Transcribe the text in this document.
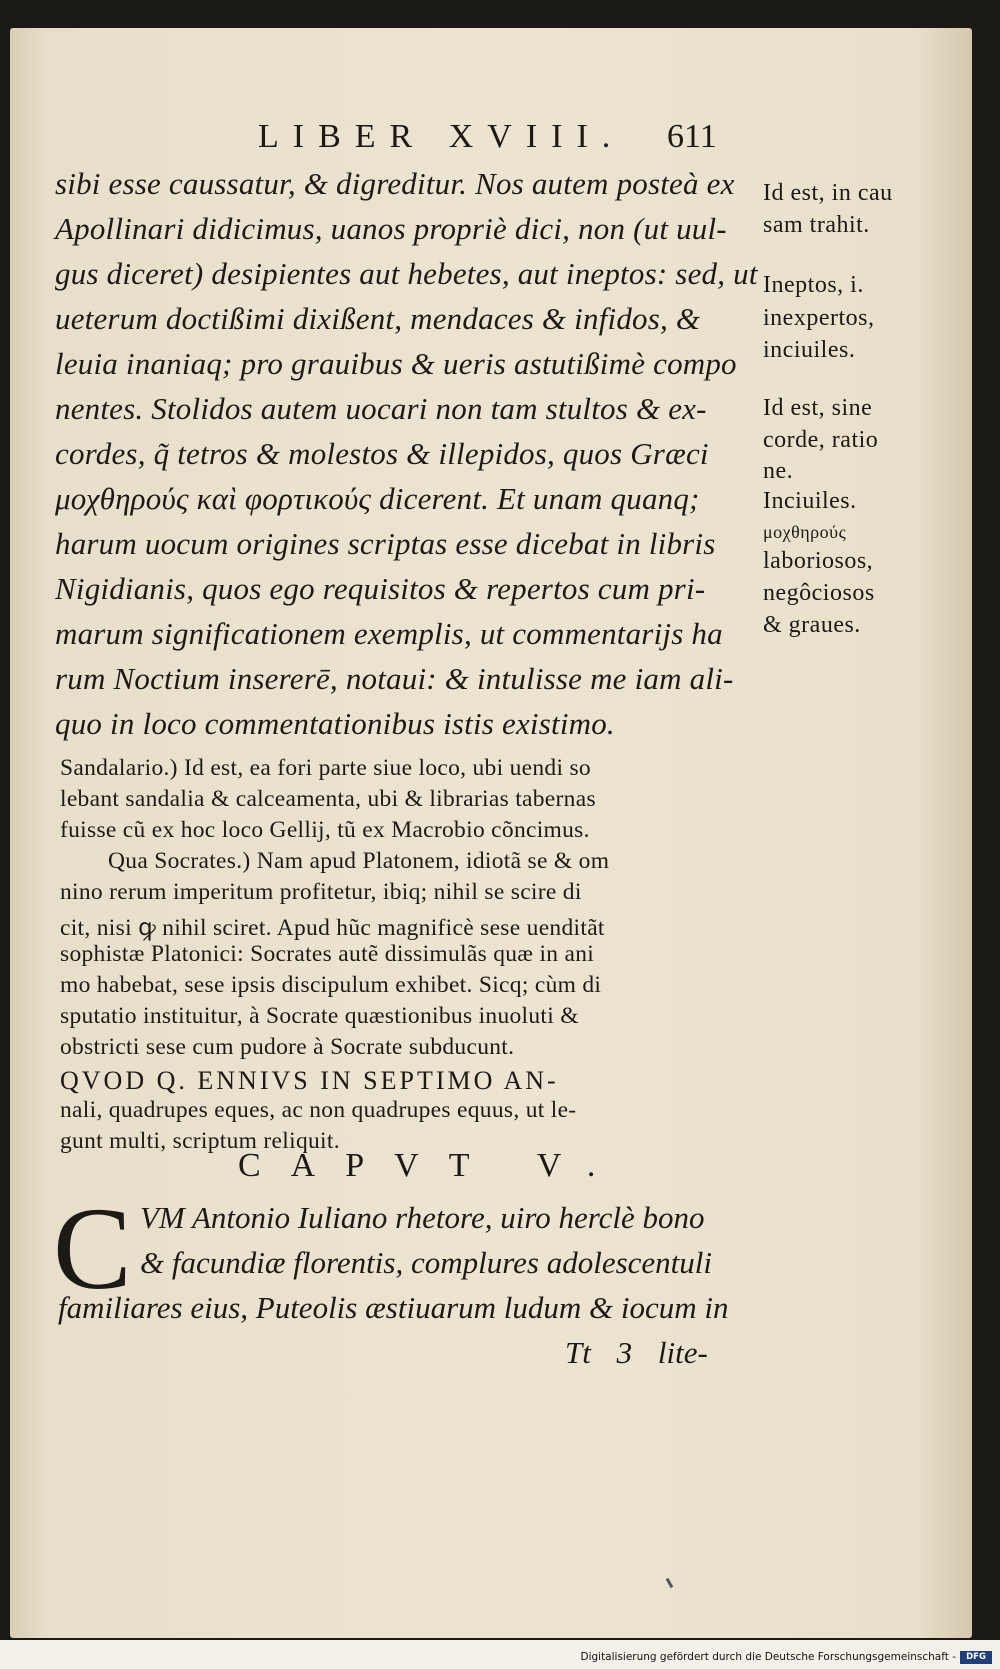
LIBER XVIII. 611
sibi esse caussatur, & digreditur. Nos autem posteà ex
Apollinari didicimus, uanos propriè dici, non (ut uul-
gus diceret) desipientes aut hebetes, aut ineptos: sed, ut
ueterum doctißimi dixißent, mendaces & infidos, &
leuia inaniaq; pro grauibus & ueris astutißimè compo
nentes. Stolidos autem uocari non tam stultos & ex-
cordes, q̃ tetros & molestos & illepidos, quos Græci
μοχθηρούς καὶ φορτικούς dicerent. Et unam quanq;
harum uocum origines scriptas esse dicebat in libris
Nigidianis, quos ego requisitos & repertos cum pri-
marum significationem exemplis, ut commentarijs ha
rum Noctium insererē, notaui: & intulisse me iam ali-
quo in loco commentationibus istis existimo.
Sandalario.) Id est, ea fori parte siue loco, ubi uendi so
lebant sandalia & calceamenta, ubi & librarias tabernas
fuisse cũ ex hoc loco Gellij, tũ ex Macrobio cõncimus.
Qua Socrates.) Nam apud Platonem, idiotã se & om
nino rerum imperitum profitetur, ibiq; nihil se scire di
cit, nisi ꝙ nihil sciret. Apud hũc magnificè sese uenditãt
sophistæ Platonici: Socrates autẽ dissimulãs quæ in ani
mo habebat, sese ipsis discipulum exhibet. Sicq; cùm di
sputatio instituitur, à Socrate quæstionibus inuoluti &
obstricti sese cum pudore à Socrate subducunt.
QVOD Q. ENNIVS IN SEPTIMO AN-
nali, quadrupes eques, ac non quadrupes equus, ut le-
gunt multi, scriptum reliquit.
CAPVT V.
C VM Antonio Iuliano rhetore, uiro herclè bono
& facundiæ florentis, complures adolescentuli
familiares eius, Puteolis æstiuarum ludum & iocum in
Tt 3 lite-
Id est, in cau
sam trahit.
Ineptos, i.
inexpertos,
inciuiles.
Id est, sine
corde, ratio
ne.
Inciuiles.
μοχθηρούς
laboriosos,
negôciosos
& graues.
Digitalisierung gefördert durch die Deutsche Forschungsgemeinschaft -	DFG
